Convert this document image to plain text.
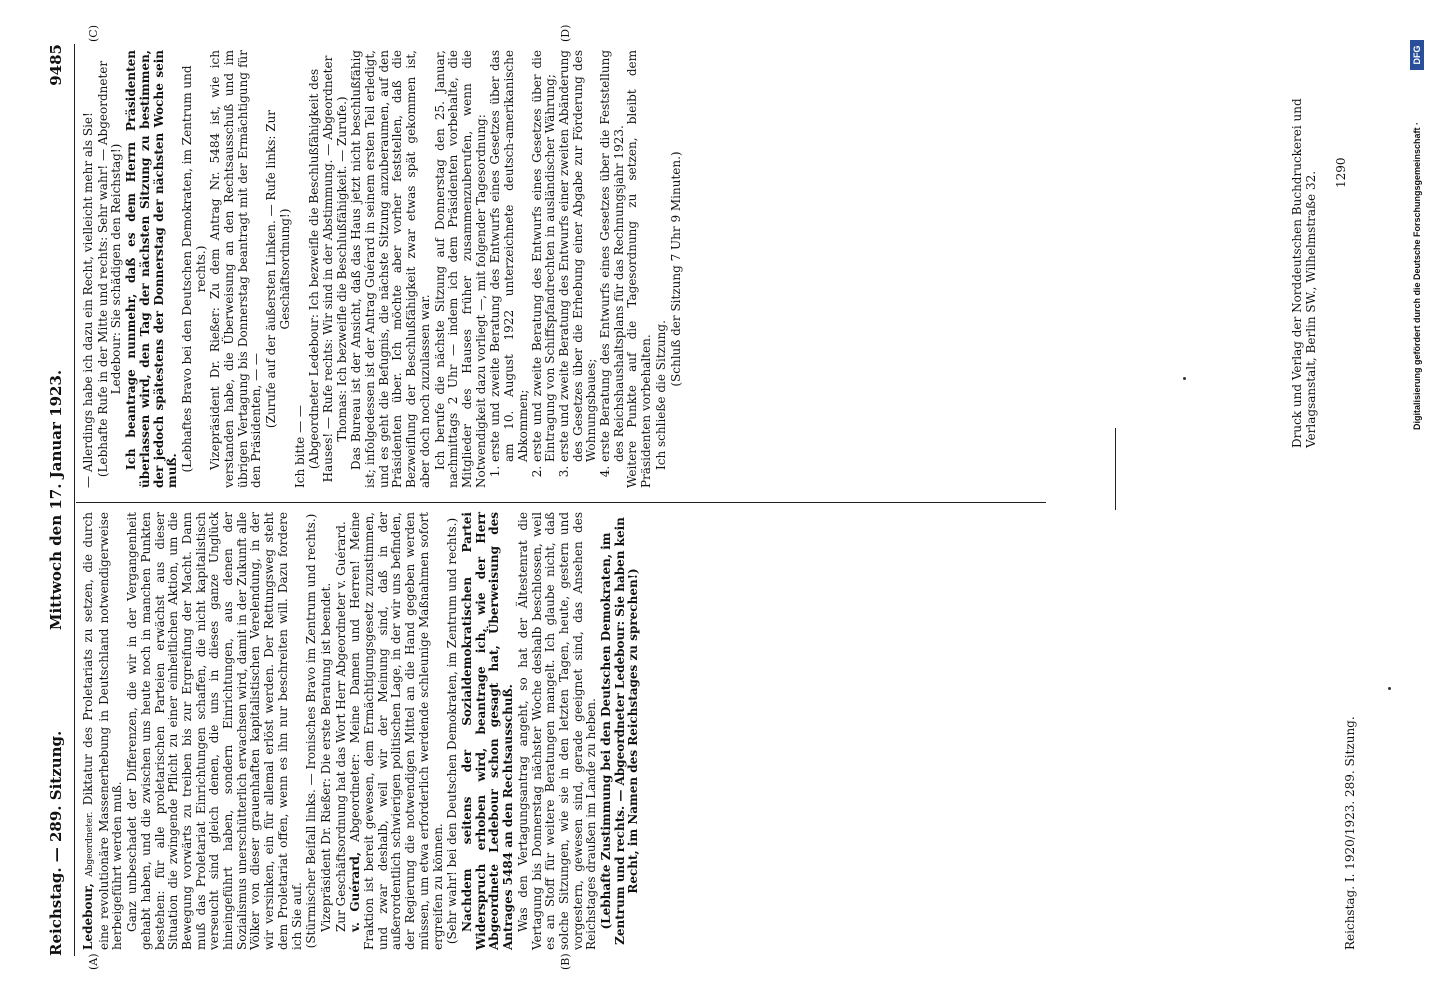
Reichstag. — 289. Sitzung.
Mittwoch den 17. Januar 1923.
9485
(A)	(B)
(C)	(D)

Ledebour, Abgeordneter. Diktatur des Proletariats zu setzen, die durch eine revolutionäre Massenerhebung in Deutschland notwendigerweise herbeigeführt werden muß. Ganz unbeschadet der Differenzen, die wir in der Vergangenheit gehabt haben, und die zwischen uns heute noch in manchen Punkten bestehen: für alle proletarischen Parteien erwächst aus dieser Situation die zwingende Pflicht zu einer einheitlichen Aktion, um die Bewegung vorwärts zu treiben bis zur Ergreifung der Macht. Dann muß das Proletariat Einrichtungen schaffen, die nicht kapitalistisch verseucht sind gleich denen, die uns in dieses ganze Unglück hineingeführt haben, sondern Einrichtungen, aus denen der Sozialismus unerschütterlich erwachsen wird, damit in der Zukunft alle Völker von dieser grauenhaften kapitalistischen Verelendung, in der wir versinken, ein für allemal erlöst werden. Der Rettungsweg steht dem Proletariat offen, wenn es ihn nur beschreiten will. Dazu fordere ich Sie auf. (Stürmischer Beifall links. — Ironisches Bravo im Zentrum und rechts.) Vizepräsident Dr. Rießer: Die erste Beratung ist beendet. Zur Geschäftsordnung hat das Wort Herr Abgeordneter v. Guérard. v. Guérard, Abgeordneter: Meine Damen und Herren! Meine Fraktion ist bereit gewesen, dem Ermächtigungsgesetz zuzustimmen, und zwar deshalb, weil wir der Meinung sind, daß in der außerordentlich schwierigen politischen Lage, in der wir uns befinden, der Regierung die notwendigen Mittel an die Hand gegeben werden müssen, um etwa erforderlich werdende schleunige Maßnahmen sofort ergreifen zu können. (Sehr wahr! bei den Deutschen Demokraten, im Zentrum und rechts.) Nachdem seitens der Sozialdemokratischen Partei Widerspruch erhoben wird, beantrage ich, wie der Herr Abgeordnete Ledebour schon gesagt hat, Überweisung des Antrages 5484 an den Rechtsausschuß. Was den Vertagungsantrag angeht, so hat der Ältestenrat die Vertagung bis Donnerstag nächster Woche deshalb beschlossen, weil es an Stoff für weitere Beratungen mangelt. Ich glaube nicht, daß solche Sitzungen, wie sie in den letzten Tagen, heute, gestern und vorgestern, gewesen sind, gerade geeignet sind, das Ansehen des Reichstages draußen im Lande zu heben. (Lebhafte Zustimmung bei den Deutschen Demokraten, im Zentrum und rechts. — Abgeordneter Ledebour: Sie haben kein Recht, im Namen des Reichstages zu sprechen!)

— Allerdings habe ich dazu ein Recht, vielleicht mehr als Sie! (Lebhafte Rufe in der Mitte und rechts: Sehr wahr! — Abgeordneter Ledebour: Sie schädigen den Reichstag!) Ich beantrage nunmehr, daß es dem Herrn Präsidenten überlassen wird, den Tag der nächsten Sitzung zu bestimmen, der jedoch spätestens der Donnerstag der nächsten Woche sein muß. (Lebhaftes Bravo bei den Deutschen Demokraten, im Zentrum und rechts.) Vizepräsident Dr. Rießer: Zu dem Antrag Nr. 5484 ist, wie ich verstanden habe, die Überweisung an den Rechtsausschuß und im übrigen Vertagung bis Donnerstag beantragt mit der Ermächtigung für den Präsidenten, — — (Zurufe auf der äußersten Linken. — Rufe links: Zur Geschäftsordnung!)

Ich bitte — — (Abgeordneter Ledebour: Ich bezweifle die Beschlußfähigkeit des Hauses! — Rufe rechts: Wir sind in der Abstimmung. — Abgeordneter Thomas: Ich bezweifle die Beschlußfähigkeit. — Zurufe.) Das Bureau ist der Ansicht, daß das Haus jetzt nicht beschlußfähig ist; infolgedessen ist der Antrag Guérard in seinem ersten Teil erledigt, und es geht die Befugnis, die nächste Sitzung anzuberaumen, auf den Präsidenten über. Ich möchte aber vorher feststellen, daß die Bezweiflung der Beschlußfähigkeit zwar etwas spät gekommen ist, aber doch noch zuzulassen war. Ich berufe die nächste Sitzung auf Donnerstag den 25. Januar, nachmittags 2 Uhr — indem ich dem Präsidenten vorbehalte, die Mitglieder des Hauses früher zusammenzuberufen, wenn die Notwendigkeit dazu vorliegt —, mit folgender Tagesordnung: 1. erste und zweite Beratung des Entwurfs eines Gesetzes über das am 10. August 1922 unterzeichnete deutsch-amerikanische Abkommen; 2. erste und zweite Beratung des Entwurfs eines Gesetzes über die Eintragung von Schiffspfandrechten in ausländischer Währung; 3. erste und zweite Beratung des Entwurfs einer zweiten Abänderung des Gesetzes über die Erhebung einer Abgabe zur Förderung des Wohnungsbaues; 4. erste Beratung des Entwurfs eines Gesetzes über die Feststellung des Reichshaushaltsplans für das Rechnungsjahr 1923. Weitere Punkte auf die Tagesordnung zu setzen, bleibt dem Präsidenten vorbehalten. Ich schließe die Sitzung.

(Schluß der Sitzung 7 Uhr 9 Minuten.)

Reichstag. I. 1920/1923. 289. Sitzung.
Druck und Verlag der Norddeutschen Buchdruckerei und Verlagsanstalt, Berlin SW., Wilhelmstraße 32. 1290	Digitalisierung gefördert durch die Deutsche Forschungsgemeinschaft ·
DFG
